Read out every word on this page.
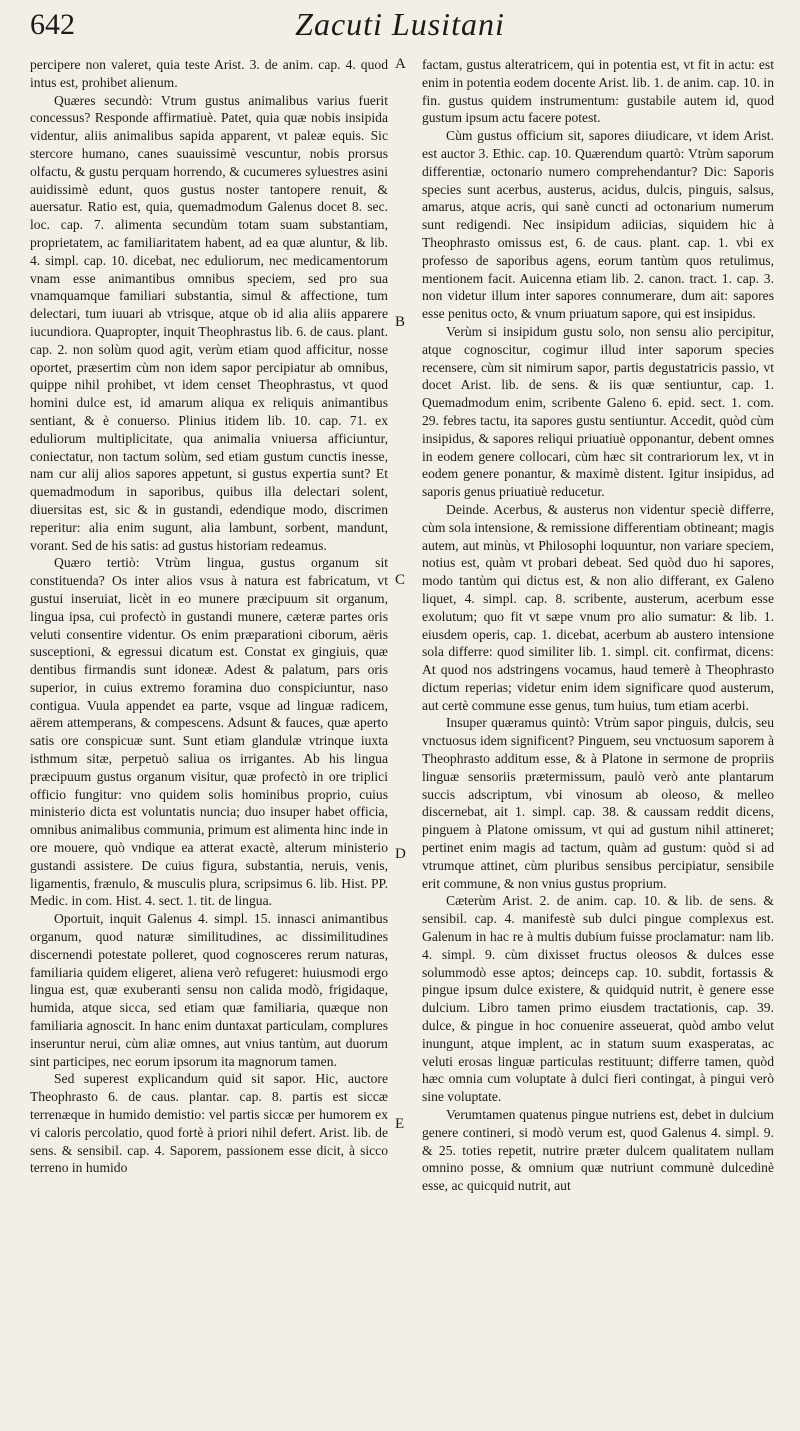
642	Zacuti Lusitani

percipere non valeret, quia teste Arist. 3. de anim. cap. 4. quod intus est, prohibet alienum.

Quæres secundò: Vtrum gustus animalibus varius fuerit concessus? Responde affirmatiuè. Patet, quia quæ nobis insipida videntur, aliis animalibus sapida apparent, vt paleæ equis. Sic stercore humano, canes suauissimè vescuntur, nobis prorsus olfactu, & gustu perquam horrendo, & cucumeres syluestres asini auidissimè edunt, quos gustus noster tantopere renuit, & auersatur. Ratio est, quia, quemadmodum Galenus docet 8. sec. loc. cap. 7. alimenta secundùm totam suam substantiam, proprietatem, ac familiaritatem habent, ad ea quæ aluntur, & lib. 4. simpl. cap. 10. dicebat, nec eduliorum, nec medicamentorum vnam esse animantibus omnibus speciem, sed pro sua vnamquamque familiari substantia, simul & affectione, tum delectari, tum iuuari ab vtrisque, atque ob id alia aliis apparere iucundiora. Quapropter, inquit Theophrastus lib. 6. de caus. plant. cap. 2. non solùm quod agit, verùm etiam quod afficitur, nosse oportet, præsertim cùm non idem sapor percipiatur ab omnibus, quippe nihil prohibet, vt idem censet Theophrastus, vt quod homini dulce est, id amarum aliqua ex reliquis animantibus sentiant, & è conuerso. Plinius itidem lib. 10. cap. 71. ex eduliorum multiplicitate, qua animalia vniuersa afficiuntur, coniectatur, non tactum solùm, sed etiam gustum cunctis inesse, nam cur alij alios sapores appetunt, si gustus expertia sunt? Et quemadmodum in saporibus, quibus illa delectari solent, diuersitas est, sic & in gustandi, edendique modo, discrimen reperitur: alia enim sugunt, alia lambunt, sorbent, mandunt, vorant. Sed de his satis: ad gustus historiam redeamus.

Quæro tertiò: Vtrùm lingua, gustus organum sit constituenda? Os inter alios vsus à natura est fabricatum, vt gustui inseruiat, licèt in eo munere præcipuum sit organum, lingua ipsa, cui profectò in gustandi munere, cæteræ partes oris veluti consentire videntur. Os enim præparationi ciborum, aëris susceptioni, & egressui dicatum est. Constat ex gingiuis, quæ dentibus firmandis sunt idoneæ. Adest & palatum, pars oris superior, in cuius extremo foramina duo conspiciuntur, naso contigua. Vuula appendet ea parte, vsque ad linguæ radicem, aërem attemperans, & compescens. Adsunt & fauces, quæ aperto satis ore conspicuæ sunt. Sunt etiam glandulæ vtrinque iuxta isthmum sitæ, perpetuò saliua os irrigantes. Ab his lingua præcipuum gustus organum visitur, quæ profectò in ore triplici officio fungitur: vno quidem solis hominibus proprio, cuius ministerio dicta est voluntatis nuncia; duo insuper habet officia, omnibus animalibus communia, primum est alimenta hinc inde in ore mouere, quò vndique ea atterat exactè, alterum ministerio gustandi assistere. De cuius figura, substantia, neruis, venis, ligamentis, frænulo, & musculis plura, scripsimus 6. lib. Hist. PP. Medic. in com. Hist. 4. sect. 1. tit. de lingua.

Oportuit, inquit Galenus 4. simpl. 15. innasci animantibus organum, quod naturæ similitudines, ac dissimilitudines discernendi potestate polleret, quod cognosceres rerum naturas, familiaria quidem eligeret, aliena verò refugeret: huiusmodi ergo lingua est, quæ exuberanti sensu non calida modò, frigidaque, humida, atque sicca, sed etiam quæ familiaria, quæque non familiaria agnoscit. In hanc enim duntaxat particulam, complures inseruntur nerui, cùm aliæ omnes, aut vnius tantùm, aut duorum sint participes, nec eorum ipsorum ita magnorum tamen.

Sed superest explicandum quid sit sapor. Hic, auctore Theophrasto 6. de caus. plantar. cap. 8. partis est siccæ terrenæque in humido demistio: vel partis siccæ per humorem ex vi caloris percolatio, quod fortè à priori nihil defert. Arist. lib. de sens. & sensibil. cap. 4. Saporem, passionem esse dicit, à sicco terreno in humido

A
B
C
D
E

factam, gustus alteratricem, qui in potentia est, vt fit in actu: est enim in potentia eodem docente Arist. lib. 1. de anim. cap. 10. in fin. gustus quidem instrumentum: gustabile autem id, quod gustum ipsum actu facere potest.

Cùm gustus officium sit, sapores diiudicare, vt idem Arist. est auctor 3. Ethic. cap. 10. Quærendum quartò: Vtrùm saporum differentiæ, octonario numero comprehendantur? Dic: Saporis species sunt acerbus, austerus, acidus, dulcis, pinguis, salsus, amarus, atque acris, qui sanè cuncti ad octonarium numerum sunt redigendi. Nec insipidum adiicias, siquidem hic à Theophrasto omissus est, 6. de caus. plant. cap. 1. vbi ex professo de saporibus agens, eorum tantùm quos retulimus, mentionem facit. Auicenna etiam lib. 2. canon. tract. 1. cap. 3. non videtur illum inter sapores connumerare, dum ait: sapores esse penitus octo, & vnum priuatum sapore, qui est insipidus.

Verùm si insipidum gustu solo, non sensu alio percipitur, atque cognoscitur, cogimur illud inter saporum species recensere, cùm sit nimirum sapor, partis degustatricis passio, vt docet Arist. lib. de sens. & iis quæ sentiuntur, cap. 1. Quemadmodum enim, scribente Galeno 6. epid. sect. 1. com. 29. febres tactu, ita sapores gustu sentiuntur. Accedit, quòd cùm insipidus, & sapores reliqui priuatiuè opponantur, debent omnes in eodem genere collocari, cùm hæc sit contrariorum lex, vt in eodem genere ponantur, & maximè distent. Igitur insipidus, ad saporis genus priuatiuè reducetur.

Deinde. Acerbus, & austerus non videntur speciè differre, cùm sola intensione, & remissione differentiam obtineant; magis autem, aut minùs, vt Philosophi loquuntur, non variare speciem, notius est, quàm vt probari debeat. Sed quòd duo hi sapores, modo tantùm qui dictus est, & non alio differant, ex Galeno liquet, 4. simpl. cap. 8. scribente, austerum, acerbum esse exolutum; quo fit vt sæpe vnum pro alio sumatur: & lib. 1. eiusdem operis, cap. 1. dicebat, acerbum ab austero intensione sola differre: quod similiter lib. 1. simpl. cit. confirmat, dicens: At quod nos adstringens vocamus, haud temerè à Theophrasto dictum reperias; videtur enim idem significare quod austerum, aut certè commune esse genus, tum huius, tum etiam acerbi.

Insuper quæramus quintò: Vtrùm sapor pinguis, dulcis, seu vnctuosus idem significent? Pinguem, seu vnctuosum saporem à Theophrasto additum esse, & à Platone in sermone de propriis linguæ sensoriis prætermissum, paulò verò ante plantarum succis adscriptum, vbi vinosum ab oleoso, & melleo discernebat, ait 1. simpl. cap. 38. & caussam reddit dicens, pinguem à Platone omissum, vt qui ad gustum nihil attineret; pertinet enim magis ad tactum, quàm ad gustum: quòd si ad vtrumque attinet, cùm pluribus sensibus percipiatur, sensibile erit commune, & non vnius gustus proprium.

Cæterùm Arist. 2. de anim. cap. 10. & lib. de sens. & sensibil. cap. 4. manifestè sub dulci pingue complexus est. Galenum in hac re à multis dubium fuisse proclamatur: nam lib. 4. simpl. 9. cùm dixisset fructus oleosos & dulces esse solummodò esse aptos; deinceps cap. 10. subdit, fortassis & pingue ipsum dulce existere, & quidquid nutrit, è genere esse dulcium. Libro tamen primo eiusdem tractationis, cap. 39. dulce, & pingue in hoc conuenire asseuerat, quòd ambo velut inungunt, atque implent, ac in statum suum exasperatas, ac veluti erosas linguæ particulas restituunt; differre tamen, quòd hæc omnia cum voluptate à dulci fieri contingat, à pingui verò sine voluptate.

Verumtamen quatenus pingue nutriens est, debet in dulcium genere contineri, si modò verum est, quod Galenus 4. simpl. 9. & 25. toties repetit, nutrire præter dulcem qualitatem nullam omnino posse, & omnium quæ nutriunt communè dulcedinè esse, ac quicquid nutrit, aut
